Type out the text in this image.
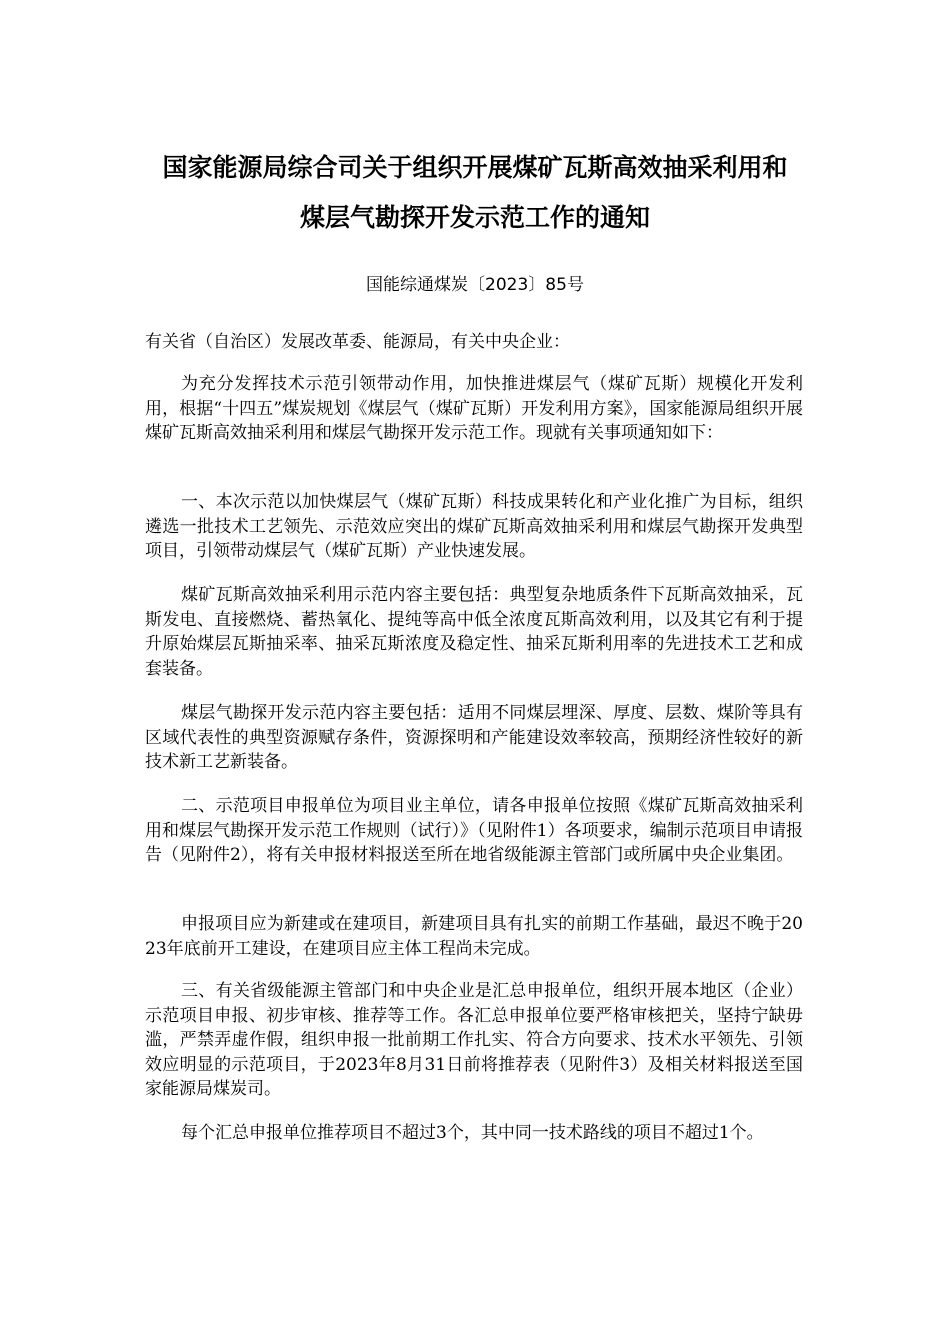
国家能源局综合司关于组织开展煤矿瓦斯高效抽采利用和
煤层气勘探开发示范工作的通知
国能综通煤炭〔2023〕85号
有关省（自治区）发展改革委、能源局，有关中央企业：
为充分发挥技术示范引领带动作用，加快推进煤层气（煤矿瓦斯）规模化开发利用，根据“十四五”煤炭规划《煤层气（煤矿瓦斯）开发利用方案》，国家能源局组织开展煤矿瓦斯高效抽采利用和煤层气勘探开发示范工作。现就有关事项通知如下：
一、本次示范以加快煤层气（煤矿瓦斯）科技成果转化和产业化推广为目标，组织遴选一批技术工艺领先、示范效应突出的煤矿瓦斯高效抽采利用和煤层气勘探开发典型项目，引领带动煤层气（煤矿瓦斯）产业快速发展。
煤矿瓦斯高效抽采利用示范内容主要包括：典型复杂地质条件下瓦斯高效抽采，瓦斯发电、直接燃烧、蓄热氧化、提纯等高中低全浓度瓦斯高效利用，以及其它有利于提升原始煤层瓦斯抽采率、抽采瓦斯浓度及稳定性、抽采瓦斯利用率的先进技术工艺和成套装备。
煤层气勘探开发示范内容主要包括：适用不同煤层埋深、厚度、层数、煤阶等具有区域代表性的典型资源赋存条件，资源探明和产能建设效率较高，预期经济性较好的新技术新工艺新装备。
二、示范项目申报单位为项目业主单位，请各申报单位按照《煤矿瓦斯高效抽采利用和煤层气勘探开发示范工作规则（试行）》（见附件1）各项要求，编制示范项目申请报告（见附件2），将有关申报材料报送至所在地省级能源主管部门或所属中央企业集团。
申报项目应为新建或在建项目，新建项目具有扎实的前期工作基础，最迟不晚于2023年底前开工建设，在建项目应主体工程尚未完成。
三、有关省级能源主管部门和中央企业是汇总申报单位，组织开展本地区（企业）示范项目申报、初步审核、推荐等工作。各汇总申报单位要严格审核把关，坚持宁缺毋滥，严禁弄虚作假，组织申报一批前期工作扎实、符合方向要求、技术水平领先、引领效应明显的示范项目，于2023年8月31日前将推荐表（见附件3）及相关材料报送至国家能源局煤炭司。
每个汇总申报单位推荐项目不超过3个，其中同一技术路线的项目不超过1个。
